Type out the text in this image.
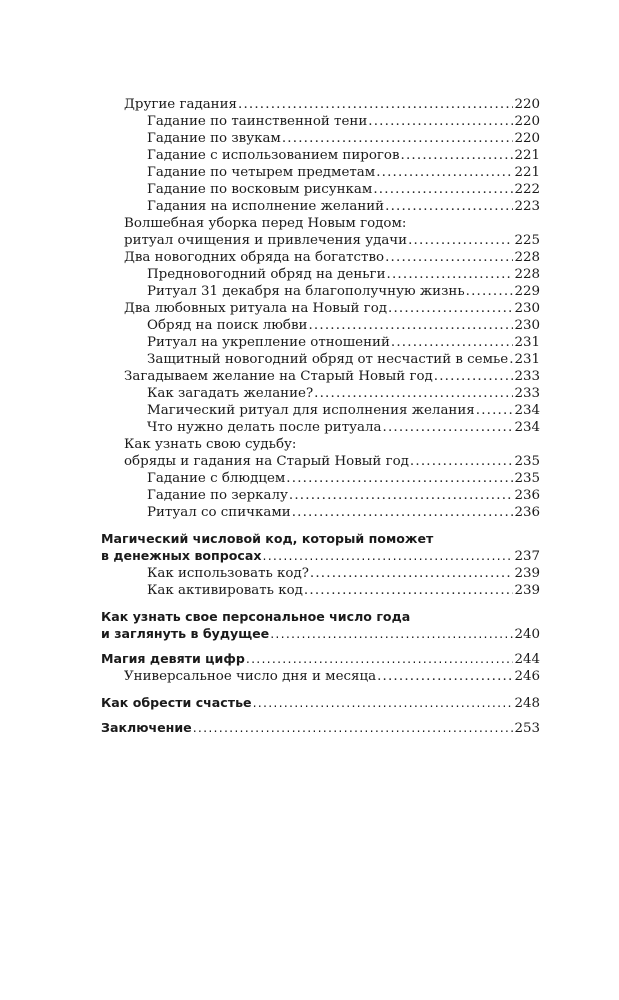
Другие гадания .....	220
Гадание по таинственной тени .....	220
Гадание по звукам .....	220
Гадание с использованием пирогов .....	221
Гадание по четырем предметам .....	221
Гадание по восковым рисункам .....	222
Гадания на исполнение желаний .....	223
Волшебная уборка перед Новым годом:
ритуал очищения и привлечения удачи .....	225
Два новогодних обряда на богатство .....	228
Предновогодний обряд на деньги .....	228
Ритуал 31 декабря на благополучную жизнь .....	229
Два любовных ритуала на Новый год .....	230
Обряд на поиск любви .....	230
Ритуал на укрепление отношений .....	231
Защитный новогодний обряд от несчастий в семье ..... 231
Загадываем желание на Старый Новый год .....	233
Как загадать желание? .....	233
Магический ритуал для исполнения желания .....	234
Что нужно делать после ритуала .....	234
Как узнать свою судьбу:
обряды и гадания на Старый Новый год .....	235
Гадание с блюдцем .....	235
Гадание по зеркалу .....	236
Ритуал со спичками .....	236
Магический числовой код, который поможет
в денежных вопросах .....	237
Как использовать код? .....	239
Как активировать код .....	239
Как узнать свое персональное число года
и заглянуть в будущее .....	240
Магия девяти цифр .....	244
Универсальное число дня и месяца .....	246
Как обрести счастье .....	248
Заключение .....	253
